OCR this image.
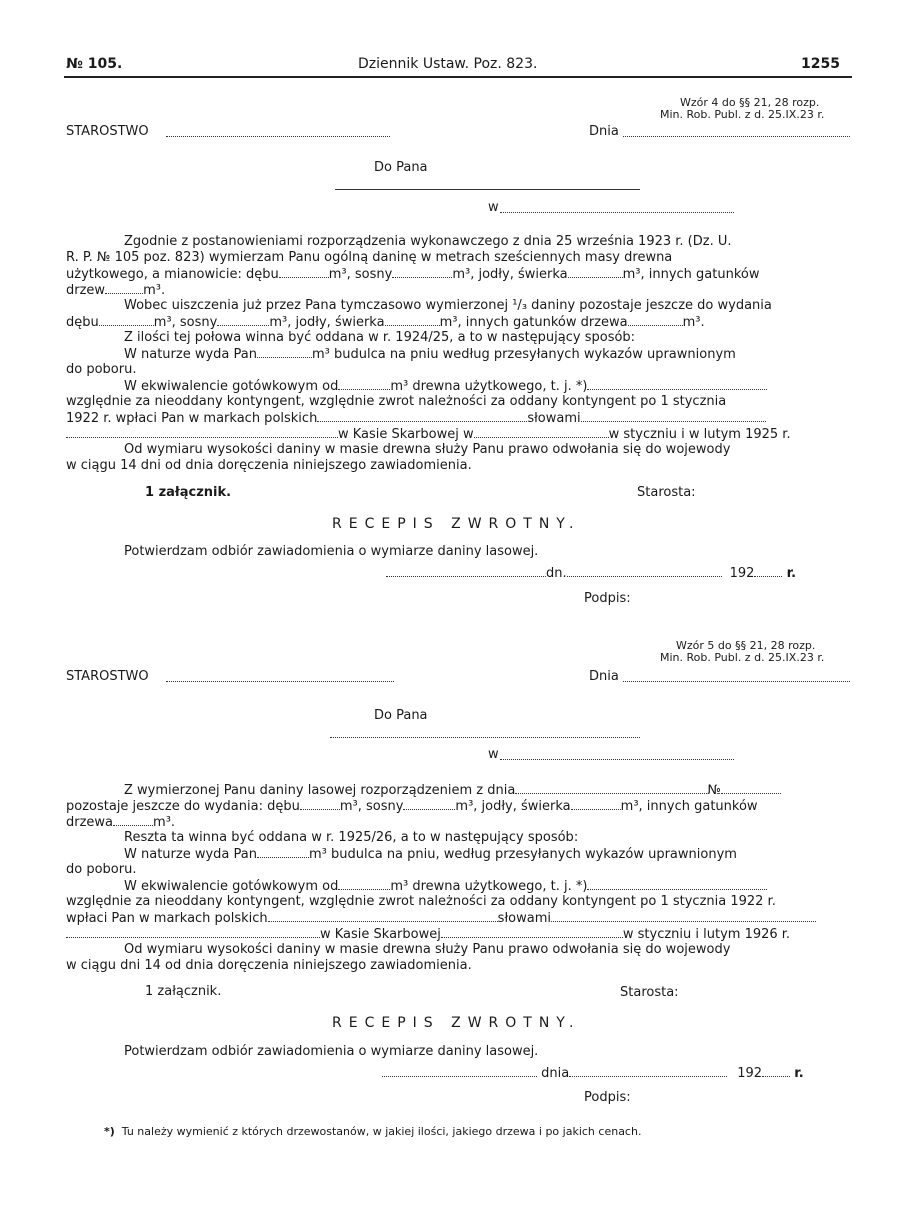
№ 105.	Dziennik Ustaw. Poz. 823.	1255
Wzór 4 do §§ 21, 28 rozp.
Min. Rob. Publ. z d. 25.IX.23 r.
STAROSTWO	Dnia
Do Pana
w
Zgodnie z postanowieniami rozporządzenia wykonawczego z dnia 25 września 1923 r. (Dz. U.
R. P. № 105 poz. 823) wymierzam Panu ogólną daninę w metrach sześciennych masy drewna
użytkowego, a mianowicie: dębu	m³, sosny	m³, jodły, świerka	m³, innych gatunków
drzew	m³.
Wobec uiszczenia już przez Pana tymczasowo wymierzonej ¹/₃ daniny pozostaje jeszcze do wydania
dębu	m³, sosny	m³, jodły, świerka	m³, innych gatunków drzewa	m³.
Z ilości tej połowa winna być oddana w r. 1924/25, a to w następujący sposób:
W naturze wyda Pan	m³ budulca na pniu według przesyłanych wykazów uprawnionym
do poboru.
W ekwiwalencie gotówkowym od	m³ drewna użytkowego, t. j. *)
względnie za nieoddany kontyngent, względnie zwrot należności za oddany kontyngent po 1 stycznia
1922 r. wpłaci Pan w markach polskich	słowami
w Kasie Skarbowej w	w styczniu i w lutym 1925 r.
Od wymiaru wysokości daniny w masie drewna służy Panu prawo odwołania się do wojewody
w ciągu 14 dni od dnia doręczenia niniejszego zawiadomienia.
1 załącznik.	Starosta:
RECEPIS ZWROTNY.
Potwierdzam odbiór zawiadomienia o wymiarze daniny lasowej.
dn.	192 r.
Podpis:
Wzór 5 do §§ 21, 28 rozp.
Min. Rob. Publ. z d. 25.IX.23 r.
STAROSTWO	Dnia
Do Pana
w
Z wymierzonej Panu daniny lasowej rozporządzeniem z dnia	№
pozostaje jeszcze do wydania: dębu	m³, sosny	m³, jodły, świerka	m³, innych gatunków
drzewa	m³.
Reszta ta winna być oddana w r. 1925/26, a to w następujący sposób:
W naturze wyda Pan	m³ budulca na pniu, według przesyłanych wykazów uprawnionym
do poboru.
W ekwiwalencie gotówkowym od	m³ drewna użytkowego, t. j. *)
względnie za nieoddany kontyngent, względnie zwrot należności za oddany kontyngent po 1 stycznia 1922 r.
wpłaci Pan w markach polskich	słowami
w Kasie Skarbowej	w styczniu i lutym 1926 r.
Od wymiaru wysokości daniny w masie drewna służy Panu prawo odwołania się do wojewody
w ciągu dni 14 od dnia doręczenia niniejszego zawiadomienia.
1 załącznik.	Starosta:
RECEPIS ZWROTNY.
Potwierdzam odbiór zawiadomienia o wymiarze daniny lasowej.
dnia	192 r.
Podpis:
*) Tu należy wymienić z których drzewostanów, w jakiej ilości, jakiego drzewa i po jakich cenach.
